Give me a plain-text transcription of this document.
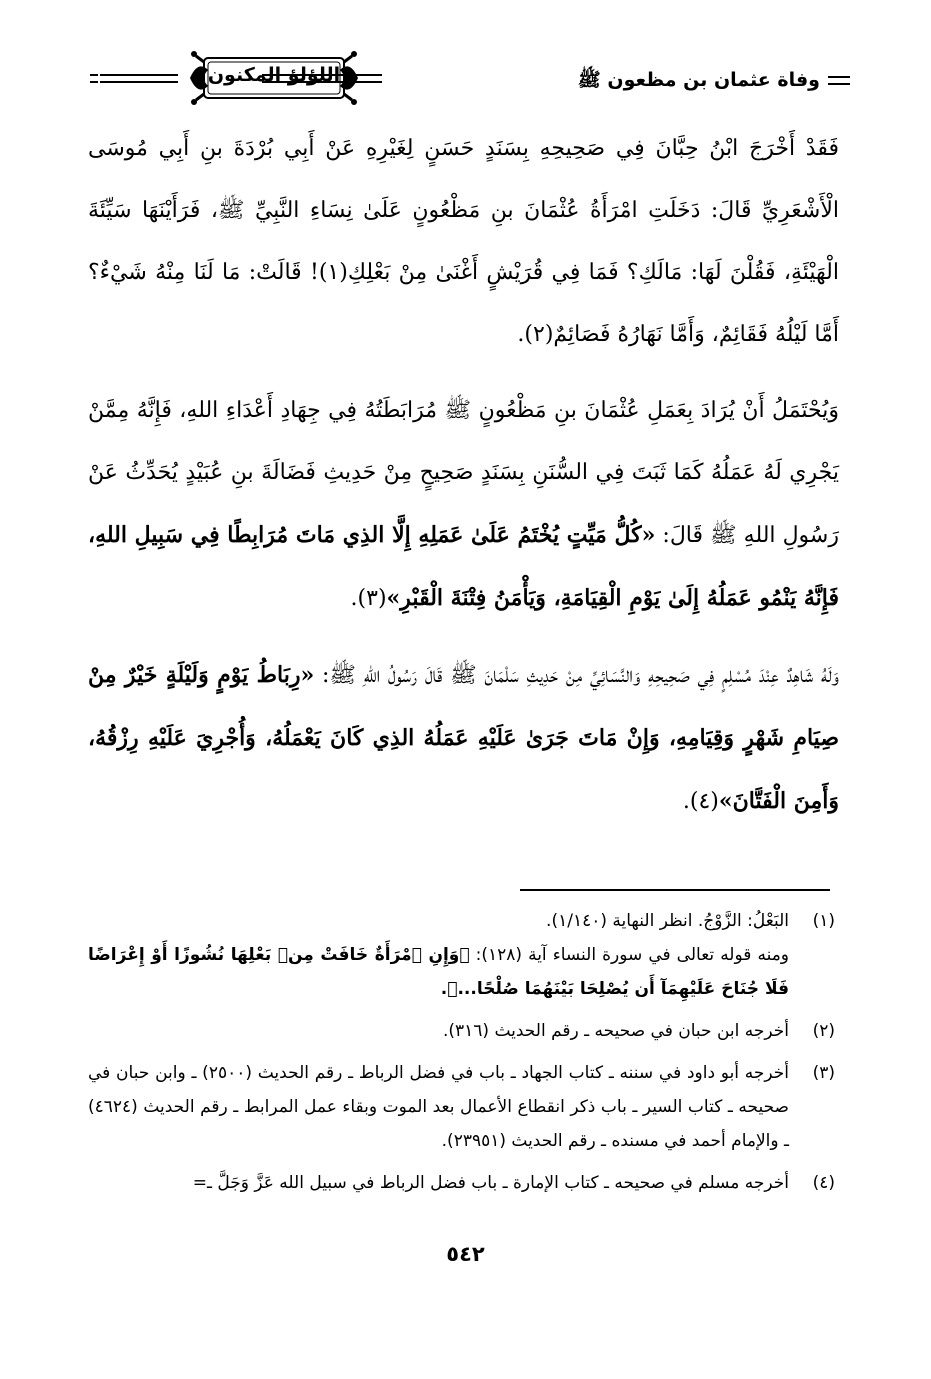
وفاة عثمان بن مظعون ﷺ
اللؤلؤ المكنون

فَقَدْ أَخْرَجَ ابْنُ حِبَّانَ فِي صَحِيحِهِ بِسَنَدٍ حَسَنٍ لِغَيْرِهِ عَنْ أَبِي بُرْدَةَ بنِ أَبِي مُوسَى الْأَشْعَرِيِّ قَالَ: دَخَلَتِ امْرَأَةُ عُثْمَانَ بنِ مَظْعُونٍ عَلَىٰ نِسَاءِ النَّبِيِّ ﷺ، فَرَأَيْنَهَا سَيِّئَةَ الْهَيْئَةِ، فَقُلْنَ لَهَا: مَالَكِ؟ فَمَا فِي قُرَيْشٍ أَغْنَىٰ مِنْ بَعْلِكِ(١)! قَالَتْ: مَا لَنَا مِنْهُ شَيْءٌ؟ أَمَّا لَيْلُهُ فَقَائِمٌ، وَأَمَّا نَهَارُهُ فَصَائِمٌ(٢).

وَيُحْتَمَلُ أَنْ يُرَادَ بِعَمَلِ عُثْمَانَ بنِ مَظْعُونٍ ﷺ مُرَابَطَتُهُ فِي جِهَادِ أَعْدَاءِ اللهِ، فَإِنَّهُ مِمَّنْ يَجْرِي لَهُ عَمَلُهُ كَمَا ثَبَتَ فِي السُّنَنِ بِسَنَدٍ صَحِيحٍ مِنْ حَدِيثِ فَضَالَةَ بنِ عُبَيْدٍ يُحَدِّثُ عَنْ رَسُولِ اللهِ ﷺ قَالَ: «كُلُّ مَيِّتٍ يُخْتَمُ عَلَىٰ عَمَلِهِ إِلَّا الذِي مَاتَ مُرَابِطًا فِي سَبِيلِ اللهِ، فَإِنَّهُ يَنْمُو عَمَلُهُ إِلَىٰ يَوْمِ الْقِيَامَةِ، وَيَأْمَنُ فِتْنَةَ الْقَبْرِ»(٣).

وَلَهُ شَاهِدٌ عِنْدَ مُسْلِمٍ فِي صَحِيحِهِ وَالنَّسَائِيِّ مِنْ حَدِيثِ سَلْمَانَ ﷺ قَالَ رَسُولُ اللهِ ﷺ: «رِبَاطُ يَوْمٍ وَلَيْلَةٍ خَيْرٌ مِنْ صِيَامِ شَهْرٍ وَقِيَامِهِ، وَإِنْ مَاتَ جَرَىٰ عَلَيْهِ عَمَلُهُ الذِي كَانَ يَعْمَلُهُ، وَأُجْرِيَ عَلَيْهِ رِزْقُهُ، وَأَمِنَ الْفَتَّانَ»(٤).

(١)

البَعْلُ: الزَّوْجُ. انظر النهاية (١/١٤٠).

ومنه قوله تعالى في سورة النساء آية (١٢٨): ﴿وَإِنِ ٱمْرَأَةٌ خَافَتْ مِنۢ بَعْلِهَا نُشُوزًا أَوْ إِعْرَاضًا فَلَا جُنَاحَ عَلَيْهِمَآ أَن يُصْلِحَا بَيْنَهُمَا صُلْحًا...﴾.

(٢)

أخرجه ابن حبان في صحيحه ـ رقم الحديث (٣١٦).

(٣)

أخرجه أبو داود في سننه ـ كتاب الجهاد ـ باب في فضل الرباط ـ رقم الحديث (٢٥٠٠) ـ وابن حبان في صحيحه ـ كتاب السير ـ باب ذكر انقطاع الأعمال بعد الموت وبقاء عمل المرابط ـ رقم الحديث (٤٦٢٤) ـ والإمام أحمد في مسنده ـ رقم الحديث (٢٣٩٥١).

(٤)

أخرجه مسلم في صحيحه ـ كتاب الإمارة ـ باب فضل الرباط في سبيل الله عَزَّ وَجَلَّ ـ=

٥٤٢
